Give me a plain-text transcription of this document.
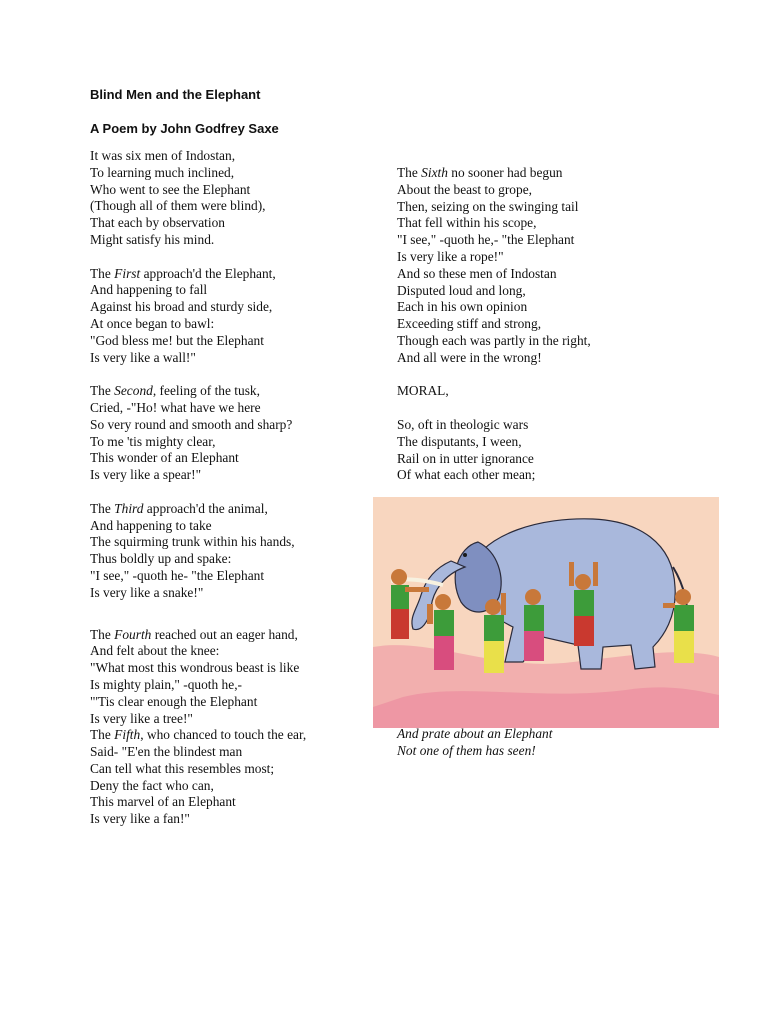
Blind Men and the Elephant
A Poem by John Godfrey Saxe
It was six men of Indostan,
To learning much inclined,
Who went to see the Elephant
(Though all of them were blind),
That each by observation
Might satisfy his mind.
The First approach'd the Elephant,
And happening to fall
Against his broad and sturdy side,
At once began to bawl:
"God bless me! but the Elephant
Is very like a wall!"
The Second, feeling of the tusk,
Cried, -"Ho! what have we here
So very round and smooth and sharp?
To me 'tis mighty clear,
This wonder of an Elephant
Is very like a spear!"
The Third approach'd the animal,
And happening to take
The squirming trunk within his hands,
Thus boldly up and spake:
"I see," -quoth he- "the Elephant
Is very like a snake!"
The Fourth reached out an eager hand,
And felt about the knee:
"What most this wondrous beast is like
Is mighty plain," -quoth he,-
"'Tis clear enough the Elephant
Is very like a tree!"
The Fifth, who chanced to touch the ear,
Said- "E'en the blindest man
Can tell what this resembles most;
Deny the fact who can,
This marvel of an Elephant
Is very like a fan!"
The Sixth no sooner had begun
About the beast to grope,
Then, seizing on the swinging tail
That fell within his scope,
"I see," -quoth he,- "the Elephant
Is very like a rope!"
And so these men of Indostan
Disputed loud and long,
Each in his own opinion
Exceeding stiff and strong,
Though each was partly in the right,
And all were in the wrong!
MORAL,
So, oft in theologic wars
The disputants, I ween,
Rail on in utter ignorance
Of what each other mean;
And prate about an Elephant
Not one of them has seen!
